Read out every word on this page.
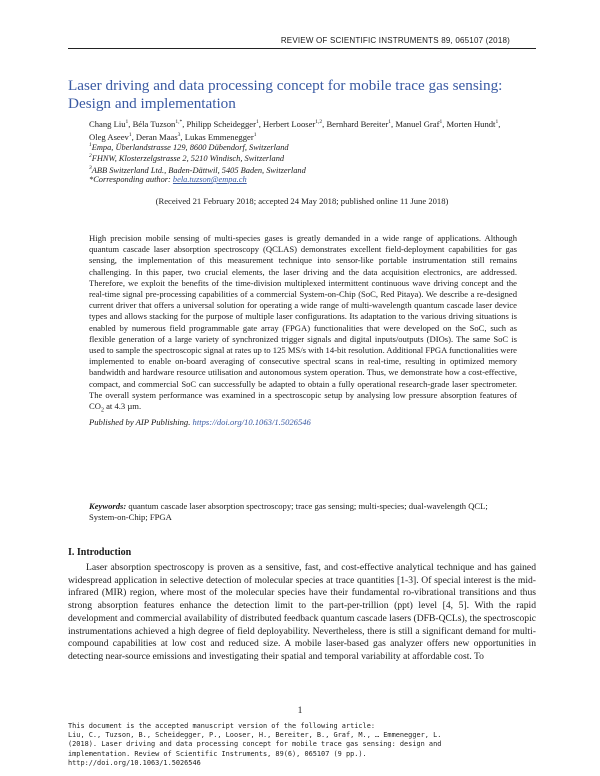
REVIEW OF SCIENTIFIC INSTRUMENTS 89, 065107 (2018)
Laser driving and data processing concept for mobile trace gas sensing:
Design and implementation
Chang Liu$^1$, Béla Tuzson$^{1,*}$, Philipp Scheidegger$^1$, Herbert Looser$^{1,2}$, Bernhard Bereiter$^1$, Manuel Graf$^1$, Morten Hundt$^1$, Oleg Aseev$^1$, Deran Maas$^3$, Lukas Emmenegger$^1$
$^1$Empa, Überlandstrasse 129, 8600 Dübendorf, Switzerland
$^2$FHNW, Klosterzelgstrasse 2, 5210 Windisch, Switzerland
$^3$ABB Switzerland Ltd., Baden-Dättwil, 5405 Baden, Switzerland
*Corresponding author: bela.tuzson@empa.ch
(Received 21 February 2018; accepted 24 May 2018; published online 11 June 2018)

High precision mobile sensing of multi-species gases is greatly demanded in a wide range of applications. Although quantum cascade laser absorption spectroscopy (QCLAS) demonstrates excellent field-deployment capabilities for gas sensing, the implementation of this measurement technique into sensor-like portable instrumentation still remains challenging. In this paper, two crucial elements, the laser driving and the data acquisition electronics, are addressed. Therefore, we exploit the benefits of the time-division multiplexed intermittent continuous wave driving concept and the real-time signal pre-processing capabilities of a commercial System-on-Chip (SoC, Red Pitaya). We describe a re-designed current driver that offers a universal solution for operating a wide range of multi-wavelength quantum cascade laser device types and allows stacking for the purpose of multiple laser configurations. Its adaptation to the various driving situations is enabled by numerous field programmable gate array (FPGA) functionalities that were developed on the SoC, such as flexible generation of a large variety of synchronized trigger signals and digital inputs/outputs (DIOs). The same SoC is used to sample the spectroscopic signal at rates up to 125 MS/s with 14-bit resolution. Additional FPGA functionalities were implemented to enable on-board averaging of consecutive spectral scans in real-time, resulting in optimized memory bandwidth and hardware resource utilisation and autonomous system operation. Thus, we demonstrate how a cost-effective, compact, and commercial SoC can successfully be adapted to obtain a fully operational research-grade laser spectrometer. The overall system performance was examined in a spectroscopic setup by analysing low pressure absorption features of $CO_2$ at 4.3 µm.

Published by AIP Publishing. https://doi.org/10.1063/1.5026546

Keywords: quantum cascade laser absorption spectroscopy; trace gas sensing; multi-species; dual-wavelength QCL; System-on-Chip; FPGA
I. Introduction
Laser absorption spectroscopy is proven as a sensitive, fast, and cost-effective analytical technique and has gained widespread application in selective detection of molecular species at trace quantities [1-3]. Of special interest is the mid-infrared (MIR) region, where most of the molecular species have their fundamental ro-vibrational transitions and thus strong absorption features enhance the detection limit to the part-per-trillion (ppt) level [4, 5]. With the rapid development and commercial availability of distributed feedback quantum cascade lasers (DFB-QCLs), the spectroscopic instrumentations achieved a high degree of field deployability. Nevertheless, there is still a significant demand for multi-compound capabilities at low cost and reduced size. A mobile laser-based gas analyzer offers new opportunities in detecting near-source emissions and investigating their spatial and temporal variability at affordable cost. To
1
This document is the accepted manuscript version of the following article:
Liu, C., Tuzson, B., Scheidegger, P., Looser, H., Bereiter, B., Graf, M., … Emmenegger, L.
(2018). Laser driving and data processing concept for mobile trace gas sensing: design and
implementation. Review of Scientific Instruments, 89(6), 065107 (9 pp.).
http://doi.org/10.1063/1.5026546
